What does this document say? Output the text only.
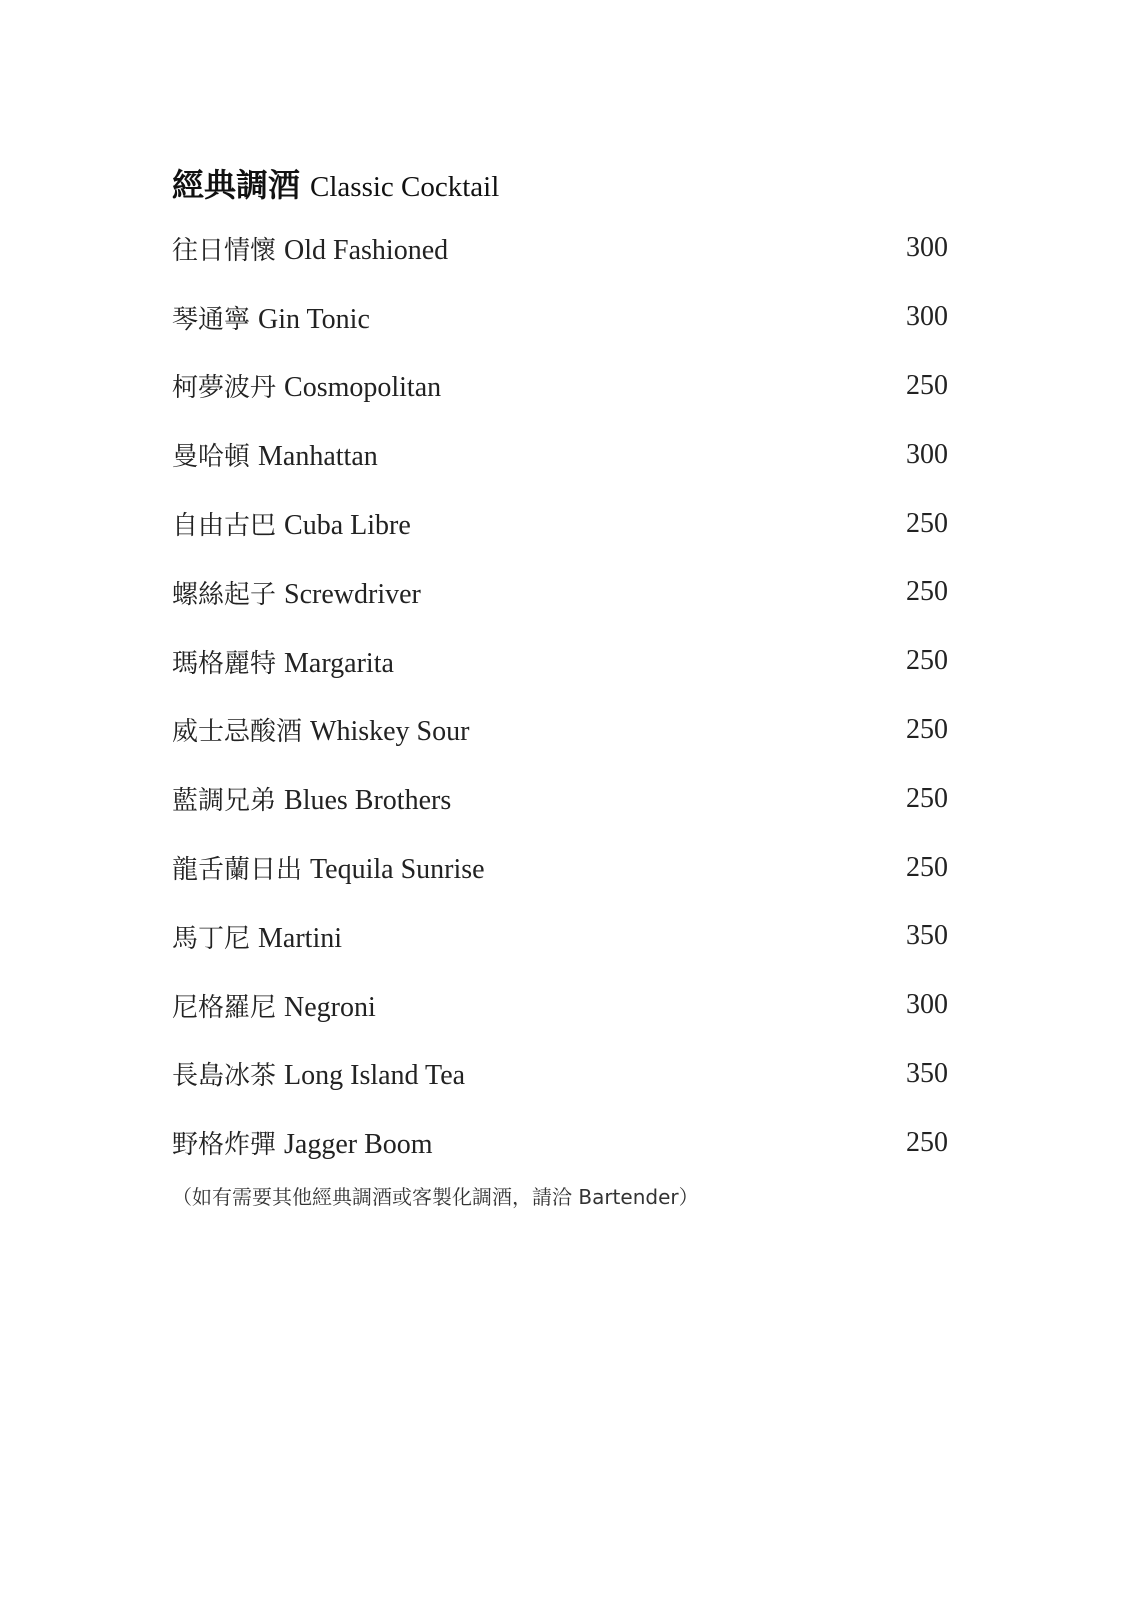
經典調酒 Classic Cocktail
往日情懷 Old Fashioned	300
琴通寧 Gin Tonic	300
柯夢波丹 Cosmopolitan	250
曼哈頓 Manhattan	300
自由古巴 Cuba Libre	250
螺絲起子 Screwdriver	250
瑪格麗特 Margarita	250
威士忌酸酒 Whiskey Sour	250
藍調兄弟 Blues Brothers	250
龍舌蘭日出 Tequila Sunrise	250
馬丁尼 Martini	350
尼格羅尼 Negroni	300
長島冰茶 Long Island Tea	350
野格炸彈 Jagger Boom	250
（如有需要其他經典調酒或客製化調酒，請洽 Bartender）
